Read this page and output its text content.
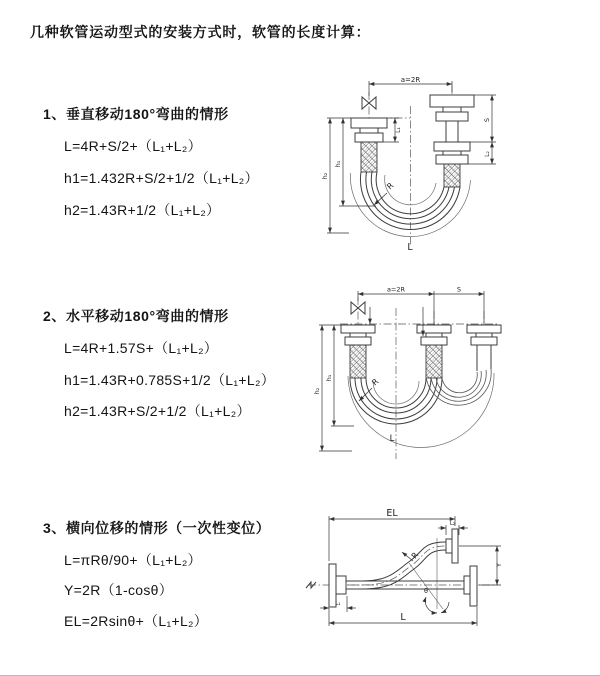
几种软管运动型式的安装方式时，软管的长度计算：
1、垂直移动180°弯曲的情形
L=4R+S/2+（L₁+L₂）
h1=1.432R+S/2+1/2（L₁+L₂）
h2=1.43R+1/2（L₁+L₂）
2、水平移动180°弯曲的情形
L=4R+1.57S+（L₁+L₂）
h1=1.43R+0.785S+1/2（L₁+L₂）
h2=1.43R+S/2+1/2（L₁+L₂）
3、横向位移的情形（一次性变位）
L=πRθ/90+（L₁+L₂）
Y=2R（1-cosθ）
EL=2Rsinθ+（L₁+L₂）
a=2R
h₂
h₁
S
L₂
L₁
R
L
a=2R	S
h₂
h₁	R
L
EL
L₂
Y
L
L₁
R
θ
